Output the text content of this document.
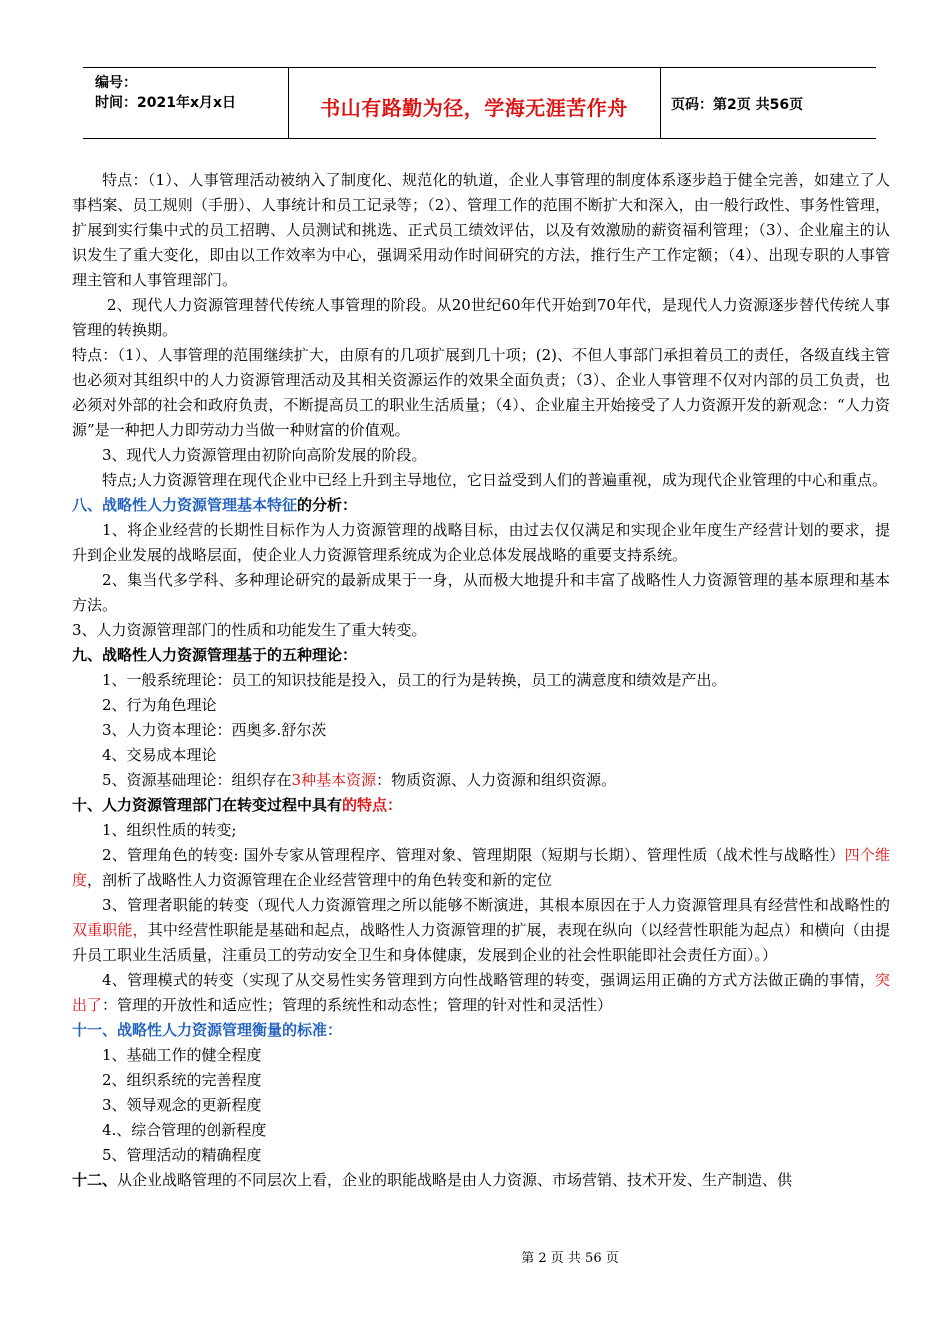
编号：
时间：2021年x月x日	书山有路勤为径，学海无涯苦作舟	页码：第2页 共56页

特点：（1）、人事管理活动被纳入了制度化、规范化的轨道，企业人事管理的制度体系逐步趋于健全完善，如建立了人事档案、员工规则（手册）、人事统计和员工记录等；（2）、管理工作的范围不断扩大和深入，由一般行政性、事务性管理，扩展到实行集中式的员工招聘、人员测试和挑选、正式员工绩效评估，以及有效激励的薪资福利管理；（3）、企业雇主的认识发生了重大变化，即由以工作效率为中心，强调采用动作时间研究的方法，推行生产工作定额；（4）、出现专职的人事管理主管和人事管理部门。

2、现代人力资源管理替代传统人事管理的阶段。从20世纪60年代开始到70年代，是现代人力资源逐步替代传统人事管理的转换期。

特点：（1）、人事管理的范围继续扩大，由原有的几项扩展到几十项；(2)、不但人事部门承担着员工的责任，各级直线主管也必须对其组织中的人力资源管理活动及其相关资源运作的效果全面负责；（3）、企业人事管理不仅对内部的员工负责，也必须对外部的社会和政府负责，不断提高员工的职业生活质量；（4）、企业雇主开始接受了人力资源开发的新观念：“人力资源”是一种把人力即劳动力当做一种财富的价值观。

3、现代人力资源管理由初阶向高阶发展的阶段。

特点;人力资源管理在现代企业中已经上升到主导地位，它日益受到人们的普遍重视，成为现代企业管理的中心和重点。

八、战略性人力资源管理基本特征的分析：

1、将企业经营的长期性目标作为人力资源管理的战略目标，由过去仅仅满足和实现企业年度生产经营计划的要求，提升到企业发展的战略层面，使企业人力资源管理系统成为企业总体发展战略的重要支持系统。

2、集当代多学科、多种理论研究的最新成果于一身，从而极大地提升和丰富了战略性人力资源管理的基本原理和基本方法。

3、人力资源管理部门的性质和功能发生了重大转变。

九、战略性人力资源管理基于的五种理论：

1、一般系统理论：员工的知识技能是投入，员工的行为是转换，员工的满意度和绩效是产出。

2、行为角色理论

3、人力资本理论：西奥多.舒尔茨

4、交易成本理论

5、资源基础理论：组织存在3种基本资源：物质资源、人力资源和组织资源。

十、人力资源管理部门在转变过程中具有的特点：

1、组织性质的转变;

2、管理角色的转变: 国外专家从管理程序、管理对象、管理期限（短期与长期）、管理性质（战术性与战略性）四个维度，剖析了战略性人力资源管理在企业经营管理中的角色转变和新的定位

3、管理者职能的转变（现代人力资源管理之所以能够不断演进，其根本原因在于人力资源管理具有经营性和战略性的双重职能，其中经营性职能是基础和起点，战略性人力资源管理的扩展，表现在纵向（以经营性职能为起点）和横向（由提升员工职业生活质量，注重员工的劳动安全卫生和身体健康，发展到企业的社会性职能即社会责任方面）。）

4、管理模式的转变（实现了从交易性实务管理到方向性战略管理的转变，强调运用正确的方式方法做正确的事情，突出了：管理的开放性和适应性；管理的系统性和动态性；管理的针对性和灵活性）

十一、战略性人力资源管理衡量的标准：

1、基础工作的健全程度

2、组织系统的完善程度

3、领导观念的更新程度

4.、综合管理的创新程度

5、管理活动的精确程度

十二、从企业战略管理的不同层次上看，企业的职能战略是由人力资源、市场营销、技术开发、生产制造、供

第 2 页 共 56 页
